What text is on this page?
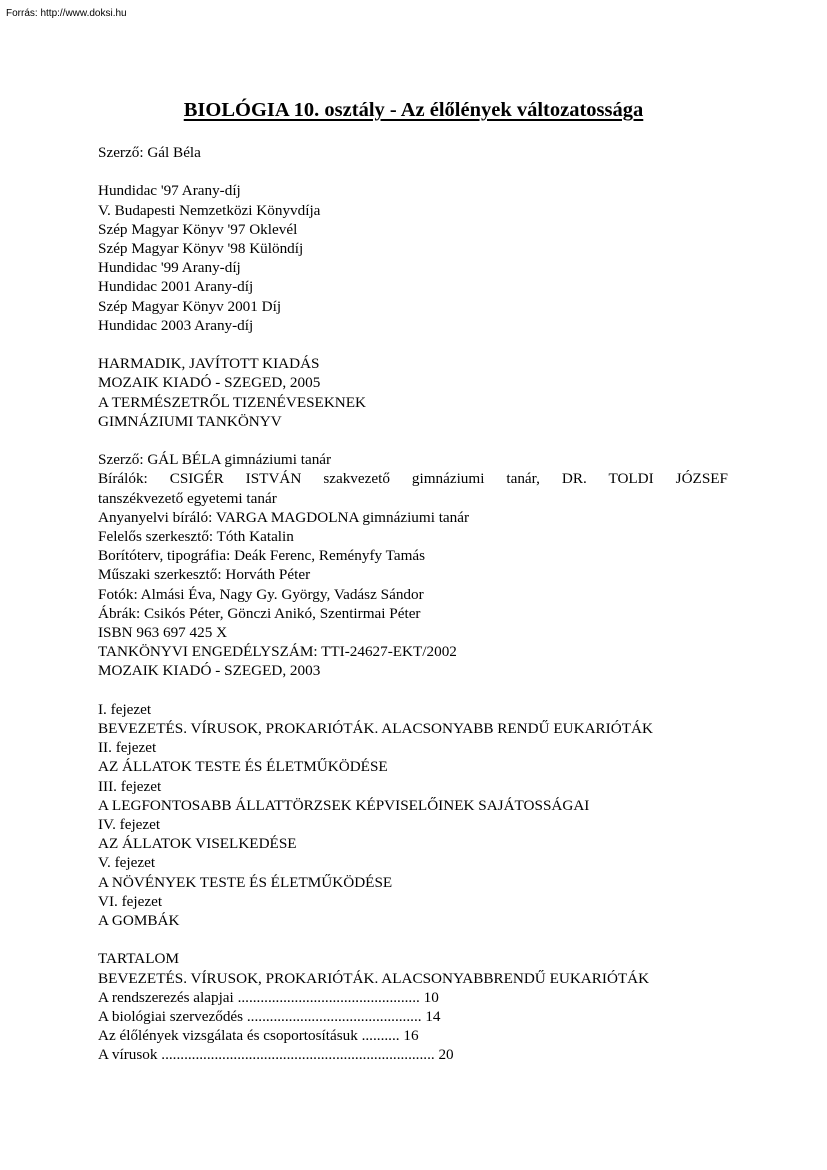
Forrás: http://www.doksi.hu
BIOLÓGIA 10. osztály - Az élőlények változatossága
Szerző: Gál Béla
Hundidac '97 Arany-díj
V. Budapesti Nemzetközi Könyvdíja
Szép Magyar Könyv '97 Oklevél
Szép Magyar Könyv '98 Különdíj
Hundidac '99 Arany-díj
Hundidac 2001 Arany-díj
Szép Magyar Könyv 2001 Díj
Hundidac 2003 Arany-díj
HARMADIK, JAVÍTOTT KIADÁS
MOZAIK KIADÓ - SZEGED, 2005
A TERMÉSZETRŐL TIZENÉVESEKNEK
GIMNÁZIUMI TANKÖNYV
Szerző: GÁL BÉLA gimnáziumi tanár
Bírálók: CSIGÉR ISTVÁN szakvezető gimnáziumi tanár, DR. TOLDI JÓZSEF
tanszékvezető egyetemi tanár
Anyanyelvi bíráló: VARGA MAGDOLNA gimnáziumi tanár
Felelős szerkesztő: Tóth Katalin
Borítóterv, tipográfia: Deák Ferenc, Reményfy Tamás
Műszaki szerkesztő: Horváth Péter
Fotók: Almási Éva, Nagy Gy. György, Vadász Sándor
Ábrák: Csikós Péter, Gönczi Anikó, Szentirmai Péter
ISBN 963 697 425 X
TANKÖNYVI ENGEDÉLYSZÁM: TTI-24627-EKT/2002
MOZAIK KIADÓ - SZEGED, 2003
I. fejezet
BEVEZETÉS. VÍRUSOK, PROKARIÓTÁK. ALACSONYABB RENDŰ EUKARIÓTÁK
II. fejezet
AZ ÁLLATOK TESTE ÉS ÉLETMŰKÖDÉSE
III. fejezet
A LEGFONTOSABB ÁLLATTÖRZSEK KÉPVISELŐINEK SAJÁTOSSÁGAI
IV. fejezet
AZ ÁLLATOK VISELKEDÉSE
V. fejezet
A NÖVÉNYEK TESTE ÉS ÉLETMŰKÖDÉSE
VI. fejezet
A GOMBÁK
TARTALOM
BEVEZETÉS. VÍRUSOK, PROKARIÓTÁK. ALACSONYABBRENDŰ EUKARIÓTÁK
A rendszerezés alapjai ................................................ 10
A biológiai szerveződés .............................................. 14
Az élőlények vizsgálata és csoportosításuk .......... 16
A vírusok ........................................................................ 20
